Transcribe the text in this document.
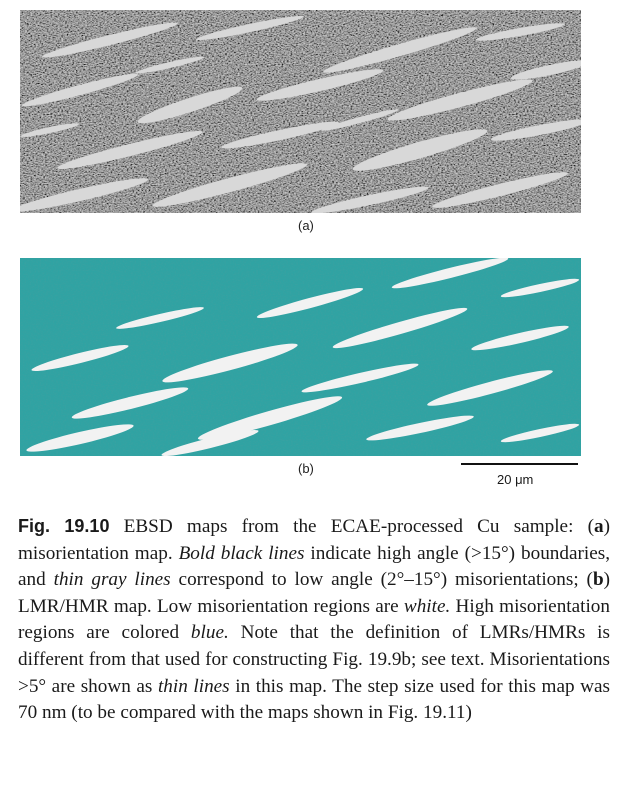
(a)
(b)
20 μm
Fig. 19.10 EBSD maps from the ECAE-processed Cu sample: (a) misorientation map. Bold black lines indicate high angle (>15°) boundaries, and thin gray lines correspond to low angle (2°–15°) misorientations; (b) LMR/HMR map. Low misorientation regions are white. High misorientation regions are colored blue. Note that the definition of LMRs/HMRs is different from that used for constructing Fig. 19.9b; see text. Misorientations >5° are shown as thin lines in this map. The step size used for this map was 70 nm (to be compared with the maps shown in Fig. 19.11)
